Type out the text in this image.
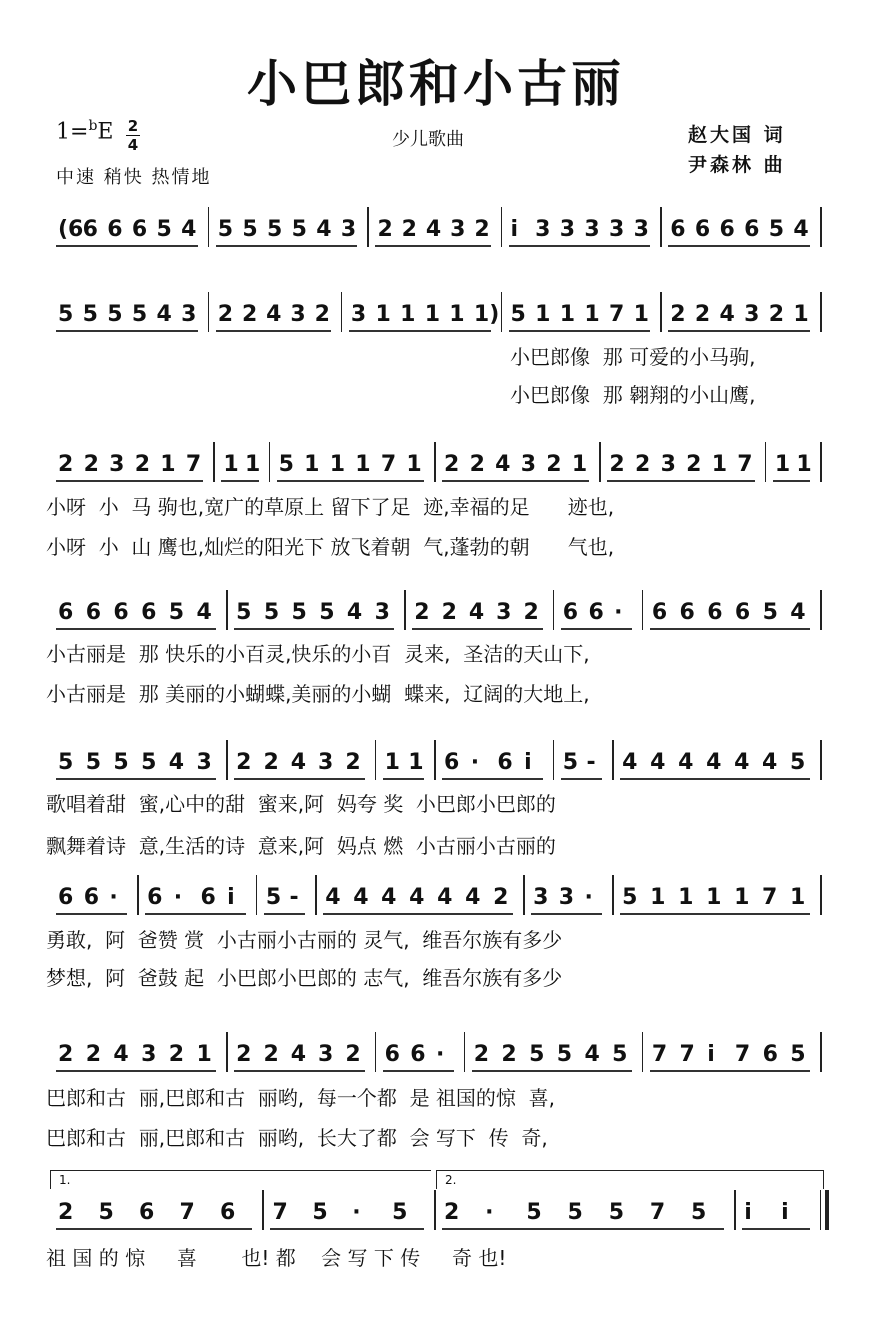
小巴郎和小古丽
1=$^b$E 2
4
中速 稍快 热情地
少儿歌曲	赵大国 词
尹森林 曲
(6 6 6 6 5 4 5 5 5 5 4 3 2 2 4 3 2 i 3 3 3 3 3 6 6 6 6 5 4
5 5 5 5 4 3 2 2 4 3 2 3 1 1 1 1 1) 5 1 1 1 7 1 2 2 4 3 2 1
小巴郎像  那 可爱的小马驹,
小巴郎像  那 翱翔的小山鹰,
2 2 3 2 1 7 1 1 5 1 1 1 7 1 2 2 4 3 2 1 2 2 3 2 1 7 1 1
小呀  小  马 驹也,宽广的草原上 留下了足  迹,幸福的足      迹也,
小呀  小  山 鹰也,灿烂的阳光下 放飞着朝  气,蓬勃的朝      气也,
6 6 6 6 5 4 5 5 5 5 4 3 2 2 4 3 2 6 6 · 6 6 6 6 5 4
小古丽是  那 快乐的小百灵,快乐的小百  灵来,  圣洁的天山下,
小古丽是  那 美丽的小蝴蝶,美丽的小蝴  蝶来,  辽阔的大地上,
5 5 5 5 4 3 2 2 4 3 2 1 1 6 · 6 i 5 - 4 4 4 4 4 4 5
歌唱着甜  蜜,心中的甜  蜜来,阿  妈夸 奖  小巴郎小巴郎的
飘舞着诗  意,生活的诗  意来,阿  妈点 燃  小古丽小古丽的
6 6 · 6 · 6 i 5 - 4 4 4 4 4 4 2 3 3 · 5 1 1 1 1 7 1
勇敢,  阿  爸赞 赏  小古丽小古丽的 灵气,  维吾尔族有多少
梦想,  阿  爸鼓 起  小巴郎小巴郎的 志气,  维吾尔族有多少
2 2 4 3 2 1 2 2 4 3 2 6 6 · 2 2 5 5 4 5 7 7 i 7 6 5
巴郎和古  丽,巴郎和古  丽哟,  每一个都  是 祖国的惊  喜,
巴郎和古  丽,巴郎和古  丽哟,  长大了都  会 写下  传  奇,
2 5 6 7 6 7 5 · 5 2 · 5 5 5 7 5 i i
1.	2.
祖 国 的 惊     喜       也! 都    会 写 下 传     奇 也!
